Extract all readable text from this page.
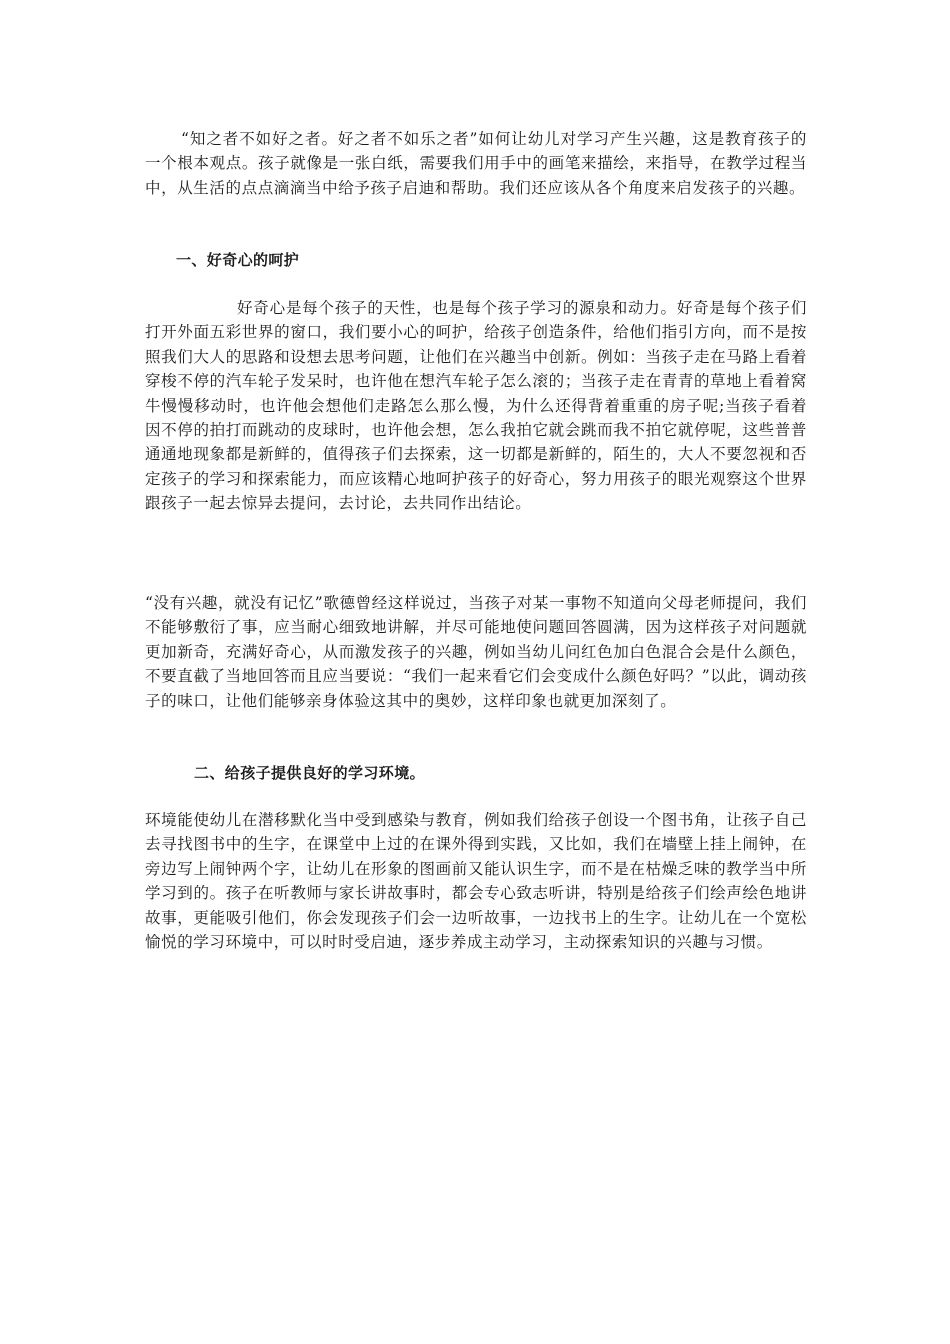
“知之者不如好之者。好之者不如乐之者”如何让幼儿对学习产生兴趣，这是教育孩子的一个根本观点。孩子就像是一张白纸，需要我们用手中的画笔来描绘，来指导，在教学过程当中，从生活的点点滴滴当中给予孩子启迪和帮助。我们还应该从各个角度来启发孩子的兴趣。

一、好奇心的呵护

好奇心是每个孩子的天性，也是每个孩子学习的源泉和动力。好奇是每个孩子们打开外面五彩世界的窗口，我们要小心的呵护，给孩子创造条件，给他们指引方向，而不是按照我们大人的思路和设想去思考问题，让他们在兴趣当中创新。例如：当孩子走在马路上看着穿梭不停的汽车轮子发呆时，也许他在想汽车轮子怎么滚的；当孩子走在青青的草地上看着窝牛慢慢移动时，也许他会想他们走路怎么那么慢，为什么还得背着重重的房子呢;当孩子看着因不停的拍打而跳动的皮球时，也许他会想，怎么我拍它就会跳而我不拍它就停呢，这些普普通通地现象都是新鲜的，值得孩子们去探索，这一切都是新鲜的，陌生的，大人不要忽视和否定孩子的学习和探索能力，而应该精心地呵护孩子的好奇心，努力用孩子的眼光观察这个世界跟孩子一起去惊异去提问，去讨论，去共同作出结论。

“没有兴趣，就没有记忆”歌德曾经这样说过，当孩子对某一事物不知道向父母老师提问，我们不能够敷衍了事，应当耐心细致地讲解，并尽可能地使问题回答圆满，因为这样孩子对问题就更加新奇，充满好奇心，从而激发孩子的兴趣，例如当幼儿问红色加白色混合会是什么颜色，不要直截了当地回答而且应当要说：“我们一起来看它们会变成什么颜色好吗？”以此，调动孩子的味口，让他们能够亲身体验这其中的奥妙，这样印象也就更加深刻了。

二、给孩子提供良好的学习环境。

环境能使幼儿在潜移默化当中受到感染与教育，例如我们给孩子创设一个图书角，让孩子自己去寻找图书中的生字，在课堂中上过的在课外得到实践，又比如，我们在墙壁上挂上闹钟，在旁边写上闹钟两个字，让幼儿在形象的图画前又能认识生字，而不是在枯燥乏味的教学当中所学习到的。孩子在听教师与家长讲故事时，都会专心致志听讲，特别是给孩子们绘声绘色地讲故事，更能吸引他们，你会发现孩子们会一边听故事，一边找书上的生字。让幼儿在一个宽松愉悦的学习环境中，可以时时受启迪，逐步养成主动学习，主动探索知识的兴趣与习惯。
